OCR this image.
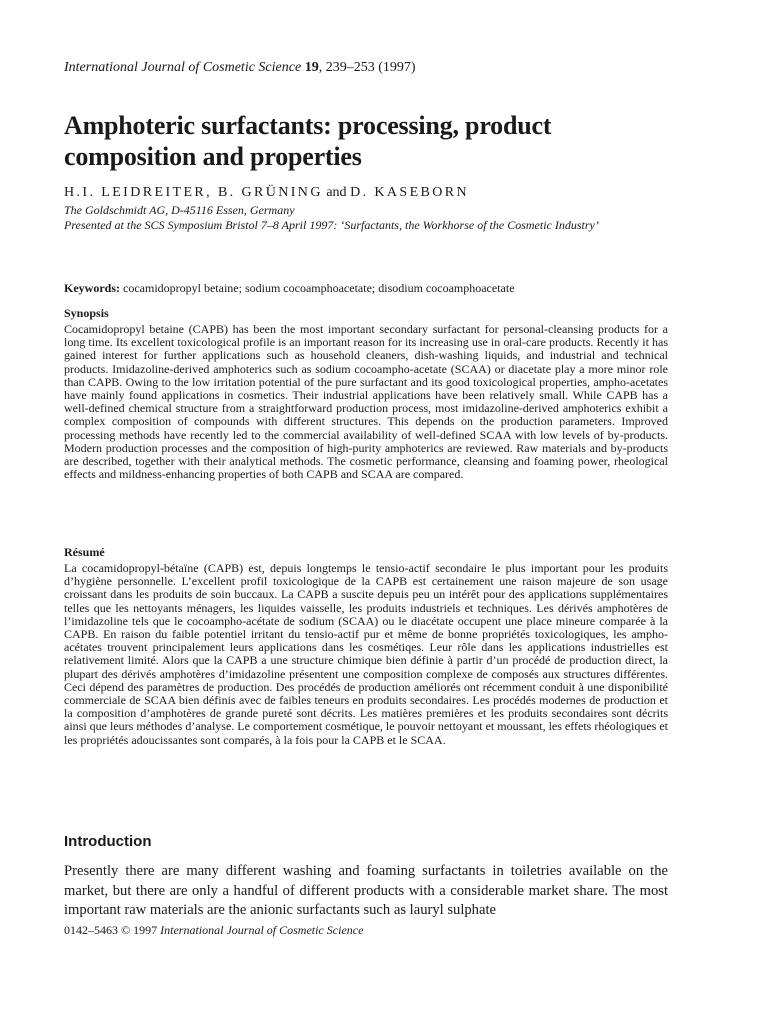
International Journal of Cosmetic Science 19, 239–253 (1997)
Amphoteric surfactants: processing, product composition and properties
H.I. LEIDREITER, B. GRÜNING and D. KASEBORN
The Goldschmidt AG, D-45116 Essen, Germany
Presented at the SCS Symposium Bristol 7–8 April 1997: ‘Surfactants, the Workhorse of the Cosmetic Industry’
Keywords: cocamidopropyl betaine; sodium cocoamphoacetate; disodium cocoamphoacetate
Synopsis

Cocamidopropyl betaine (CAPB) has been the most important secondary surfactant for personal-cleansing products for a long time. Its excellent toxicological profile is an important reason for its increasing use in oral-care products. Recently it has gained interest for further applications such as household cleaners, dish-washing liquids, and industrial and technical products. Imidazoline-derived amphoterics such as sodium cocoampho-acetate (SCAA) or diacetate play a more minor role than CAPB. Owing to the low irritation potential of the pure surfactant and its good toxicological properties, ampho-acetates have mainly found applications in cosmetics. Their industrial applications have been relatively small. While CAPB has a well-defined chemical structure from a straightforward production process, most imidazoline-derived amphoterics exhibit a complex composition of compounds with different structures. This depends on the production parameters. Improved processing methods have recently led to the commercial availability of well-defined SCAA with low levels of by-products. Modern production processes and the composition of high-purity amphoterics are reviewed. Raw materials and by-products are described, together with their analytical methods. The cosmetic performance, cleansing and foaming power, rheological effects and mildness-enhancing properties of both CAPB and SCAA are compared.

Résumé

La cocamidopropyl-bétaïne (CAPB) est, depuis longtemps le tensio-actif secondaire le plus important pour les produits d’hygiène personnelle. L’excellent profil toxicologique de la CAPB est certainement une raison majeure de son usage croissant dans les produits de soin buccaux. La CAPB a suscite depuis peu un intérêt pour des applications supplémentaires telles que les nettoyants ménagers, les liquides vaisselle, les produits industriels et techniques. Les dérivés amphotères de l’imidazoline tels que le cocoampho-acétate de sodium (SCAA) ou le diacétate occupent une place mineure comparée à la CAPB. En raison du faible potentiel irritant du tensio-actif pur et même de bonne propriétés toxicologiques, les ampho-acétates trouvent principalement leurs applications dans les cosmétiqes. Leur rôle dans les applications industrielles est relativement limité. Alors que la CAPB a une structure chimique bien définie à partir d’un procédé de production direct, la plupart des dérivés amphotères d’imidazoline présentent une composition complexe de composés aux structures différentes. Ceci dépend des paramètres de production. Des procédés de production améliorés ont récemment conduit à une disponibilité commerciale de SCAA bien définis avec de faibles teneurs en produits secondaires. Les procédés modernes de production et la composition d’amphotères de grande pureté sont décrits. Les matières premières et les produits secondaires sont décrits ainsi que leurs méthodes d’analyse. Le comportement cosmétique, le pouvoir nettoyant et moussant, les effets rhéologiques et les propriétés adoucissantes sont comparés, à la fois pour la CAPB et le SCAA.

Introduction

Presently there are many different washing and foaming surfactants in toiletries available on the market, but there are only a handful of different products with a considerable market share. The most important raw materials are the anionic surfactants such as lauryl sulphate

0142–5463 © 1997 International Journal of Cosmetic Science
